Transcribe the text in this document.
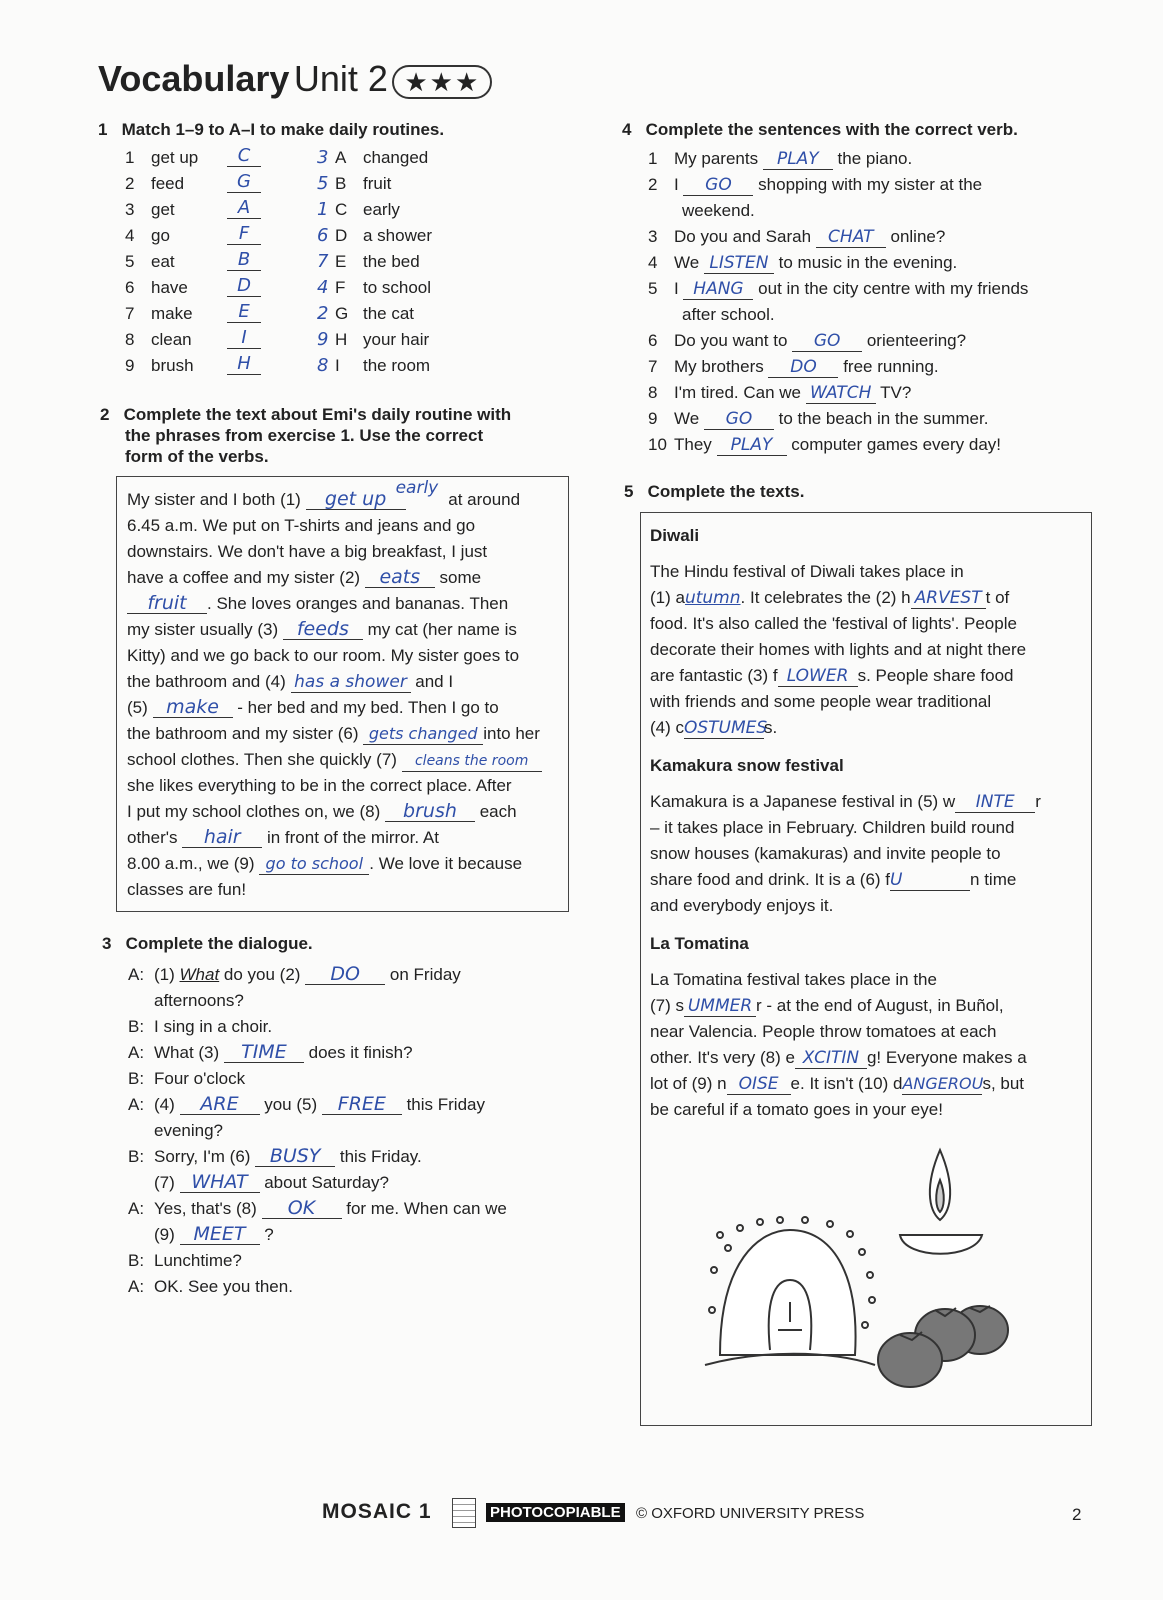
Vocabulary Unit 2 ★★★
1 Match 1–9 to A–I to make daily routines.
1 get up	C	3 A changed
2 feed	G	5 B fruit
3 get	A	1 C early
4 go	F	6 D a shower
5 eat	B	7 E the bed
6 have	D	4 F to school
7 make	E	2 G the cat
8 clean	I	9 H your hair
9 brush	H	8 I the room
2 Complete the text about Emi's daily routine with
the phrases from exercise 1. Use the correct
form of the verbs.
My sister and I both (1) get up earlyat around
6.45 a.m. We put on T-shirts and jeans and go
downstairs. We don't have a big breakfast, I just
have a coffee and my sister (2) eats some
fruit . She loves oranges and bananas. Then
my sister usually (3) feeds my cat (her name is
Kitty) and we go back to our room. My sister goes to
the bathroom and (4) has a shower and I
(5) make - her bed and my bed. Then I go to
the bathroom and my sister (6) gets changed into her
school clothes. Then she quickly (7) cleans the room
she likes everything to be in the correct place. After
I put my school clothes on, we (8) brush each
other's hair in front of the mirror. At
8.00 a.m., we (9) go to school . We love it because
classes are fun!
3 Complete the dialogue.
A: (1) What do you (2) DO on Friday
afternoons?
B: I sing in a choir.
A: What (3) TIME does it finish?
B: Four o'clock
A: (4) ARE you (5) FREE this Friday
evening?
B: Sorry, I'm (6) BUSY this Friday.
(7) WHAT about Saturday?
A: Yes, that's (8) OK for me. When can we
(9) MEET ?
B: Lunchtime?
A: OK. See you then.
4 Complete the sentences with the correct verb.
1 My parents PLAY the piano.
2 I GO shopping with my sister at the
weekend.
3 Do you and Sarah CHAT online?
4 We LISTEN to music in the evening.
5 I HANG out in the city centre with my friends
after school.
6 Do you want to GO orienteering?
7 My brothers DO free running.
8 I'm tired. Can we WATCH TV?
9 We GO to the beach in the summer.
10 They PLAY computer games every day!
5 Complete the texts.
Diwali
The Hindu festival of Diwali takes place in
(1) autumn. It celebrates the (2) h ARVEST t of
food. It's also called the 'festival of lights'. People
decorate their homes with lights and at night there
are fantastic (3) f LOWER s. People share food
with friends and some people wear traditional
(4) cOSTUMESs.
Kamakura snow festival
Kamakura is a Japanese festival in (5) w INTE r
– it takes place in February. Children build round
snow houses (kamakuras) and invite people to
share food and drink. It is a (6) fU	n time
and everybody enjoys it.
La Tomatina
La Tomatina festival takes place in the
(7) s UMMER r - at the end of August, in Buñol,
near Valencia. People throw tomatoes at each
other. It's very (8) e XCITIN g! Everyone makes a
lot of (9) n OISE e. It isn't (10) dANGEROUs, but
be careful if a tomato goes in your eye!
MOSAIC 1	PHOTOCOPIABLE © OXFORD UNIVERSITY PRESS	2
